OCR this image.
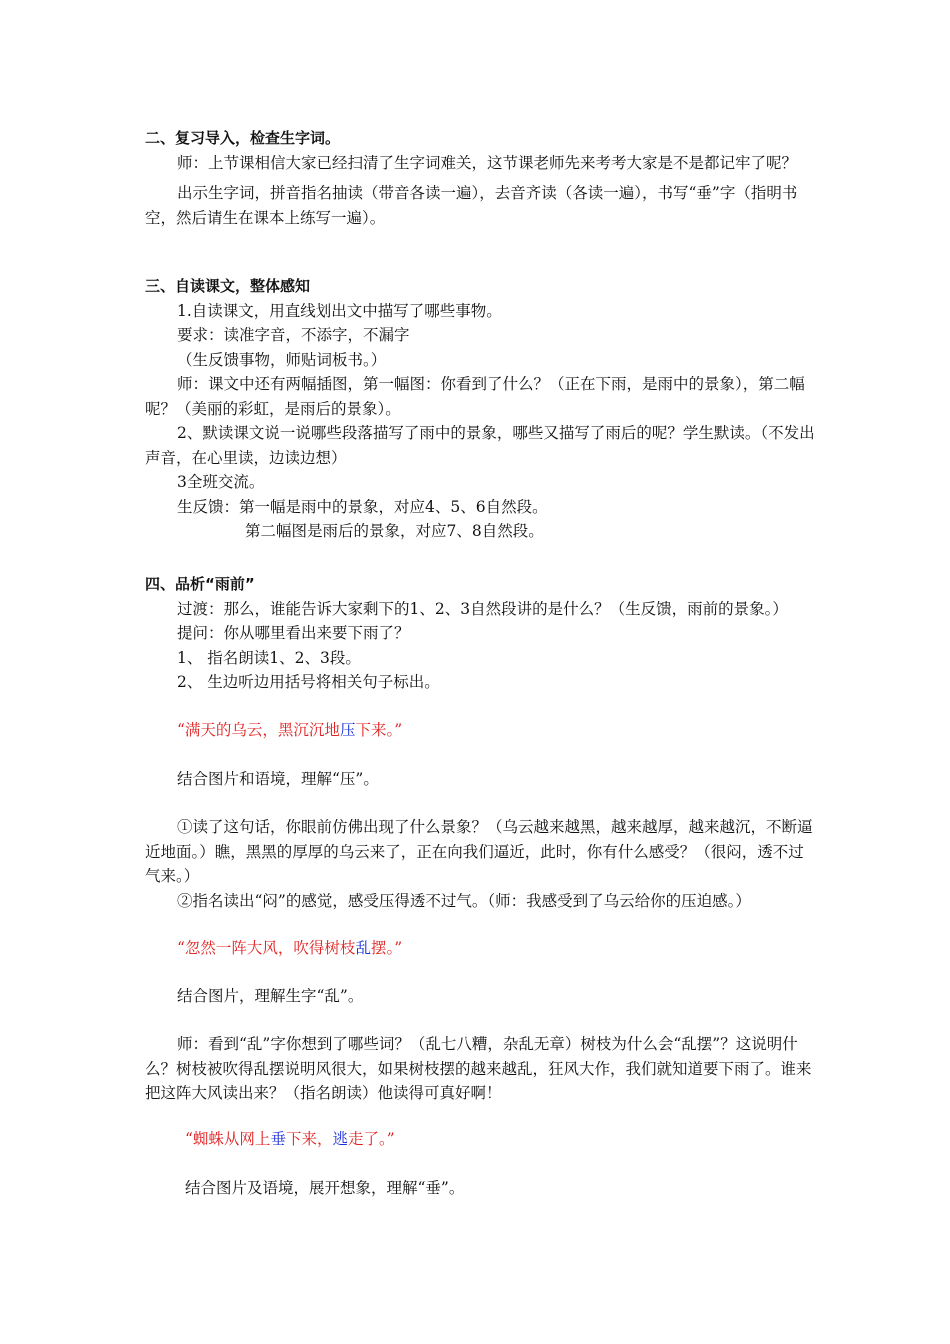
二、复习导入，检查生字词。

师：上节课相信大家已经扫清了生字词难关，这节课老师先来考考大家是不是都记牢了呢？

出示生字词，拼音指名抽读（带音各读一遍），去音齐读（各读一遍），书写“垂”字（指明书空，然后请生在课本上练写一遍）。

三、自读课文，整体感知

1.自读课文，用直线划出文中描写了哪些事物。

要求：读准字音，不添字，不漏字

（生反馈事物，师贴词板书。）

师：课文中还有两幅插图，第一幅图：你看到了什么？（正在下雨，是雨中的景象），第二幅呢？（美丽的彩虹，是雨后的景象）。

2、默读课文说一说哪些段落描写了雨中的景象，哪些又描写了雨后的呢？学生默读。（不发出声音，在心里读，边读边想）

3全班交流。

生反馈：第一幅是雨中的景象，对应4、5、6自然段。

第二幅图是雨后的景象，对应7、8自然段。

四、品析“雨前”

过渡：那么，谁能告诉大家剩下的1、2、3自然段讲的是什么？（生反馈，雨前的景象。）

提问：你从哪里看出来要下雨了？

1、 指名朗读1、2、3段。

2、 生边听边用括号将相关句子标出。

“满天的乌云，黑沉沉地压下来。”

结合图片和语境，理解“压”。

①读了这句话，你眼前仿佛出现了什么景象？（乌云越来越黑，越来越厚，越来越沉，不断逼近地面。）瞧，黑黑的厚厚的乌云来了，正在向我们逼近，此时，你有什么感受？（很闷，透不过气来。）

②指名读出“闷”的感觉，感受压得透不过气。（师：我感受到了乌云给你的压迫感。）

“忽然一阵大风，吹得树枝乱摆。”

结合图片，理解生字“乱”。

师：看到“乱”字你想到了哪些词？（乱七八糟，杂乱无章）树枝为什么会“乱摆”？这说明什么？树枝被吹得乱摆说明风很大，如果树枝摆的越来越乱，狂风大作，我们就知道要下雨了。谁来把这阵大风读出来？（指名朗读）他读得可真好啊！

“蜘蛛从网上垂下来，逃走了。”

结合图片及语境，展开想象，理解“垂”。
